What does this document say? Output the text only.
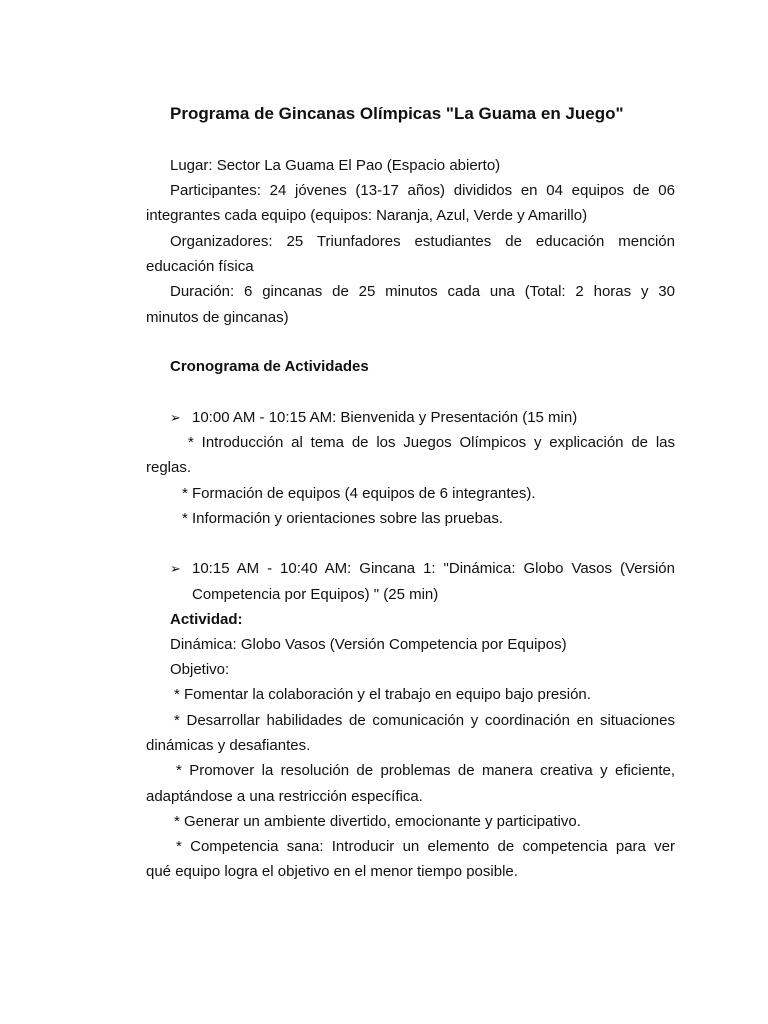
Programa de Gincanas Olímpicas "La Guama en Juego"
Lugar: Sector La Guama El Pao (Espacio abierto)
Participantes: 24 jóvenes (13-17 años) divididos en 04 equipos de 06
integrantes cada equipo (equipos: Naranja, Azul, Verde y Amarillo)
Organizadores: 25 Triunfadores estudiantes de educación mención
educación física
Duración: 6 gincanas de 25 minutos cada una (Total: 2 horas y 30
minutos de gincanas)
Cronograma de Actividades
➢ 10:00 AM - 10:15 AM: Bienvenida y Presentación (15 min)
* Introducción al tema de los Juegos Olímpicos y explicación de las
reglas.
* Formación de equipos (4 equipos de 6 integrantes).
* Información y orientaciones sobre las pruebas.
➢ 10:15 AM - 10:40 AM: Gincana 1: "Dinámica: Globo Vasos (Versión
Competencia por Equipos) " (25 min)
Actividad:
Dinámica: Globo Vasos (Versión Competencia por Equipos)
Objetivo:
* Fomentar la colaboración y el trabajo en equipo bajo presión.
* Desarrollar habilidades de comunicación y coordinación en situaciones
dinámicas y desafiantes.
* Promover la resolución de problemas de manera creativa y eficiente,
adaptándose a una restricción específica.
* Generar un ambiente divertido, emocionante y participativo.
* Competencia sana: Introducir un elemento de competencia para ver
qué equipo logra el objetivo en el menor tiempo posible.
